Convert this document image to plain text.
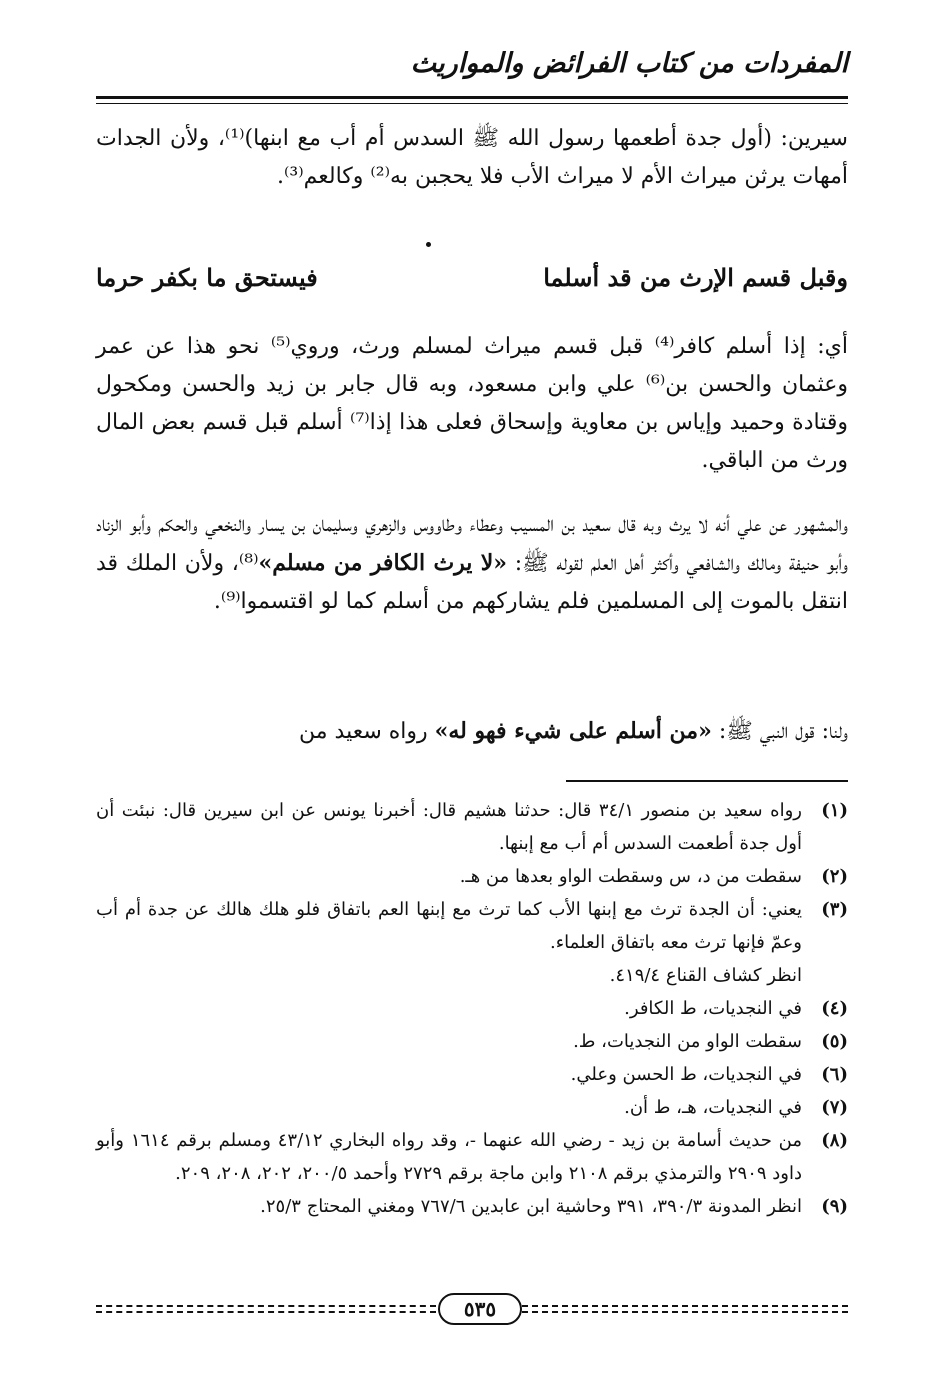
المفردات من كتاب الفرائض والمواريث

سيرين: (أول جدة أطعمها رسول الله ﷺ السدس أم أب مع ابنها)⁽¹⁾، ولأن الجدات أمهات يرثن ميراث الأم لا ميراث الأب فلا يحجبن به⁽²⁾ وكالعم⁽³⁾.

وقبل قسم الإرث من قد أسلما
فيستحق ما بكفر حرما

أي: إذا أسلم كافر⁽⁴⁾ قبل قسم ميراث لمسلم ورث، وروي⁽⁵⁾ نحو هذا عن عمر وعثمان والحسن بن⁽⁶⁾ علي وابن مسعود، وبه قال جابر بن زيد والحسن ومكحول وقتادة وحميد وإياس بن معاوية وإسحاق فعلى هذا إذا⁽⁷⁾ أسلم قبل قسم بعض المال ورث من الباقي.

والمشهور عن علي أنه لا يرث وبه قال سعيد بن المسيب وعطاء وطاووس والزهري وسليمان بن يسار والنخعي والحكم وأبو الزناد وأبو حنيفة ومالك والشافعي وأكثر أهل العلم لقوله ﷺ: «لا يرث الكافر من مسلم»⁽⁸⁾، ولأن الملك قد انتقل بالموت إلى المسلمين فلم يشاركهم من أسلم كما لو اقتسموا⁽⁹⁾.

ولنا: قول النبي ﷺ: «من أسلم على شيء فهو له» رواه سعيد من

(١)
رواه سعيد بن منصور ٣٤/١ قال: حدثنا هشيم قال: أخبرنا يونس عن ابن سيرين قال: نبئت أن أول جدة أطعمت السدس أم أب مع إبنها.
(٢)
سقطت من د، س وسقطت الواو بعدها من هـ.
(٣)
يعني: أن الجدة ترث مع إبنها الأب كما ترث مع إبنها العم باتفاق فلو هلك هالك عن جدة أم أب وعمّ فإنها ترث معه باتفاق العلماء.
انظر كشاف القناع ٤١٩/٤.
(٤)
في النجديات، ط الكافر.
(٥)
سقطت الواو من النجديات، ط.
(٦)
في النجديات، ط الحسن وعلي.
(٧)
في النجديات، هـ، ط أن.
(٨)
من حديث أسامة بن زيد - رضي الله عنهما -، وقد رواه البخاري ٤٣/١٢ ومسلم برقم ١٦١٤ وأبو داود ٢٩٠٩ والترمذي برقم ٢١٠٨ وابن ماجة برقم ٢٧٢٩ وأحمد ٢٠٠/٥، ٢٠٢، ٢٠٨، ٢٠٩.
(٩)
انظر المدونة ٣٩٠/٣، ٣٩١ وحاشية ابن عابدين ٧٦٧/٦ ومغني المحتاج ٢٥/٣.
٥٣٥
